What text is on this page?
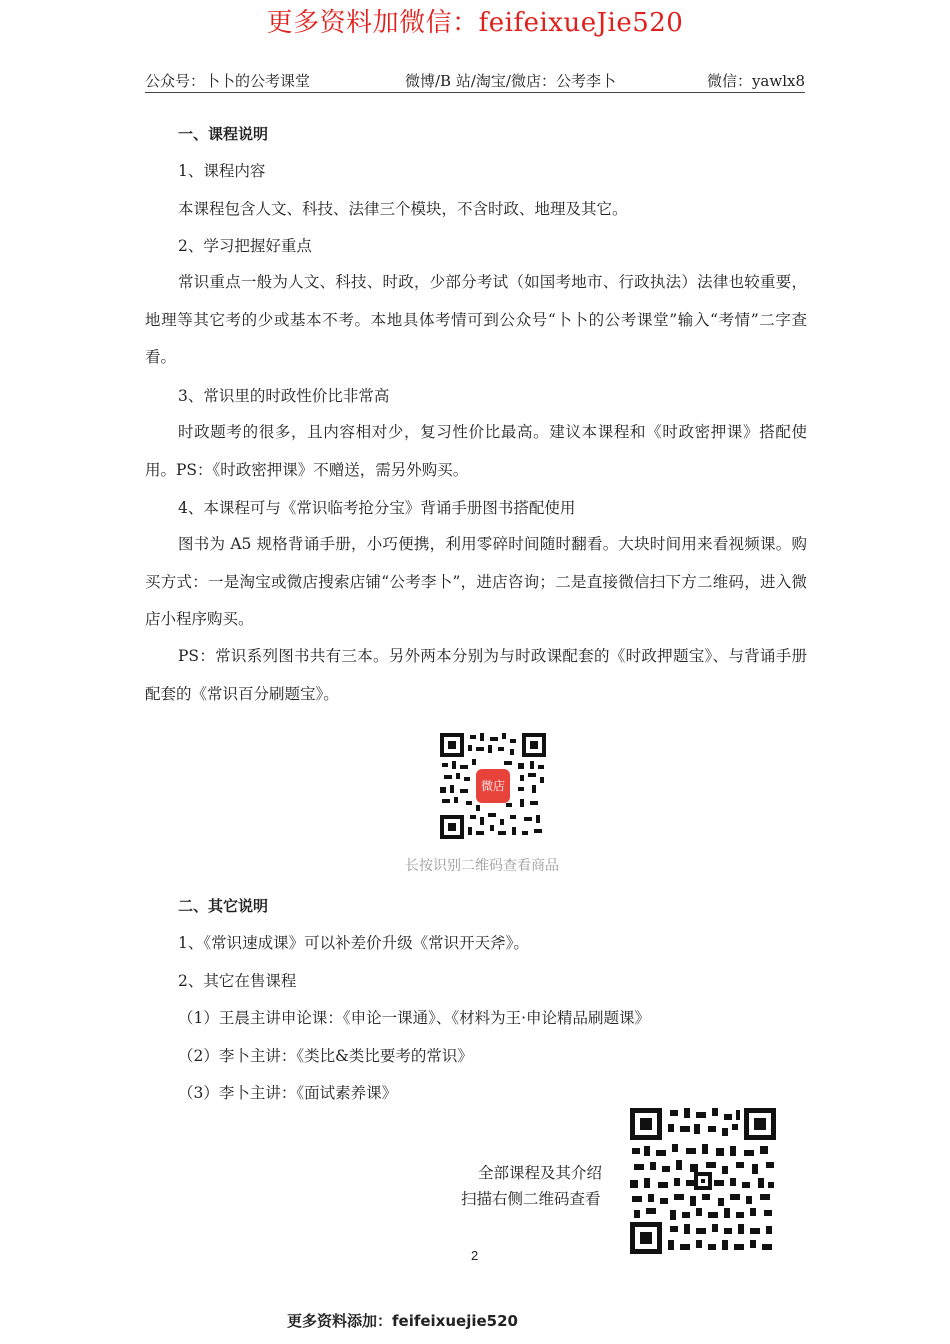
更多资料加微信：feifeixueJie520
公众号：卜卜的公考课堂	微博/B 站/淘宝/微店：公考李卜	微信：yawlx8
一、课程说明
1、课程内容
本课程包含人文、科技、法律三个模块，不含时政、地理及其它。
2、学习把握好重点
常识重点一般为人文、科技、时政，少部分考试（如国考地市、行政执法）法律也较重要，地理等其它考的少或基本不考。本地具体考情可到公众号“卜卜的公考课堂”输入“考情”二字查看。
3、常识里的时政性价比非常高
时政题考的很多，且内容相对少，复习性价比最高。建议本课程和《时政密押课》搭配使用。PS：《时政密押课》不赠送，需另外购买。
4、本课程可与《常识临考抢分宝》背诵手册图书搭配使用
图书为 A5 规格背诵手册，小巧便携，利用零碎时间随时翻看。大块时间用来看视频课。购买方式：一是淘宝或微店搜索店铺“公考李卜”，进店咨询；二是直接微信扫下方二维码，进入微店小程序购买。
PS：常识系列图书共有三本。另外两本分别为与时政课配套的《时政押题宝》、与背诵手册配套的《常识百分刷题宝》。
微店
长按识别二维码查看商品
二、其它说明
1、《常识速成课》可以补差价升级《常识开天斧》。
2、其它在售课程
（1）王晨主讲申论课：《申论一课通》、《材料为王·申论精品刷题课》
（2）李卜主讲：《类比&类比要考的常识》
（3）李卜主讲：《面试素养课》
全部课程及其介绍
扫描右侧二维码查看
2
更多资料添加：feifeixuejie520
